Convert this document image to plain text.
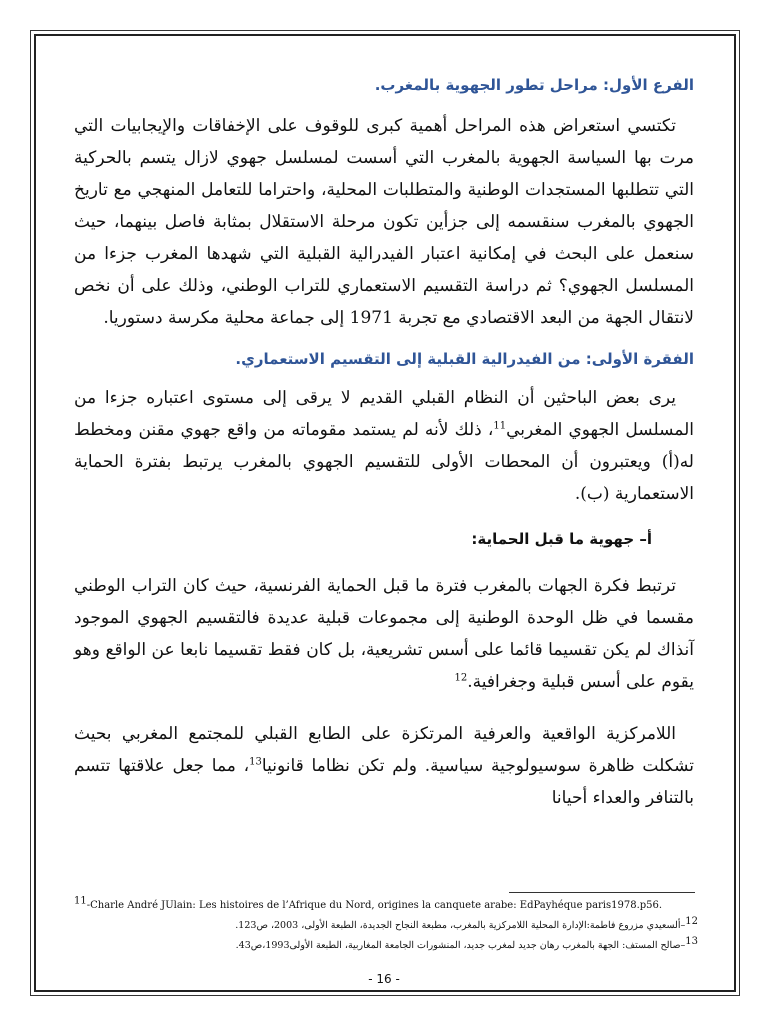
الفرع الأول: مراحل تطور الجهوية بالمغرب.

تكتسي استعراض هذه المراحل أهمية كبرى للوقوف على الإخفاقات والإيجابيات التي مرت بها السياسة الجهوية بالمغرب التي أسست لمسلسل جهوي لازال يتسم بالحركية التي تتطلبها المستجدات الوطنية والمتطلبات المحلية، واحتراما للتعامل المنهجي مع تاريخ الجهوي بالمغرب سنقسمه إلى جزأين تكون مرحلة الاستقلال بمثابة فاصل بينهما، حيث سنعمل على البحث في إمكانية اعتبار الفيدرالية القبلية التي شهدها المغرب جزءا من المسلسل الجهوي؟ ثم دراسة التقسيم الاستعماري للتراب الوطني، وذلك على أن نخص لانتقال الجهة من البعد الاقتصادي مع تجربة 1971 إلى جماعة محلية مكرسة دستوريا.

الفقرة الأولى: من الفيدرالية القبلية إلى التقسيم الاستعماري.

يرى بعض الباحثين أن النظام القبلي القديم لا يرقى إلى مستوى اعتباره جزءا من المسلسل الجهوي المغربي$^{11}$، ذلك لأنه لم يستمد مقوماته من واقع جهوي مقنن ومخطط له(أ) ويعتبرون أن المحطات الأولى للتقسيم الجهوي بالمغرب يرتبط بفترة الحماية الاستعمارية (ب).

أ– جهوية ما قبل الحماية:

ترتبط فكرة الجهات بالمغرب فترة ما قبل الحماية الفرنسية، حيث كان التراب الوطني مقسما في ظل الوحدة الوطنية إلى مجموعات قبلية عديدة فالتقسيم الجهوي الموجود آنذاك لم يكن تقسيما قائما على أسس تشريعية، بل كان فقط تقسيما نابعا عن الواقع وهو يقوم على أسس قبلية وجغرافية.$^{12}$

اللامركزية الواقعية والعرفية المرتكزة على الطابع القبلي للمجتمع المغربي بحيث تشكلت ظاهرة سوسيولوجية سياسية. ولم تكن نظاما قانونيا$^{13}$، مما جعل علاقتها تتسم بالتنافر والعداء أحيانا

$^{11}$-Charle André JUlain: Les histoires de l’Afrique du Nord, origines la canquete arabe: EdPayhéque paris1978.p56.
$^{12}$–ألسعيدي مزروع فاطمة:الإدارة المحلية اللامركزية بالمغرب، مطبعة النجاح الجديدة، الطبعة الأولى، 2003، ص123.
$^{13}$–صالح المستف: الجهة بالمغرب رهان جديد لمغرب جديد، المنشورات الجامعة المغاربية، الطبعة الأولى1993،ص43.
- 16 -
